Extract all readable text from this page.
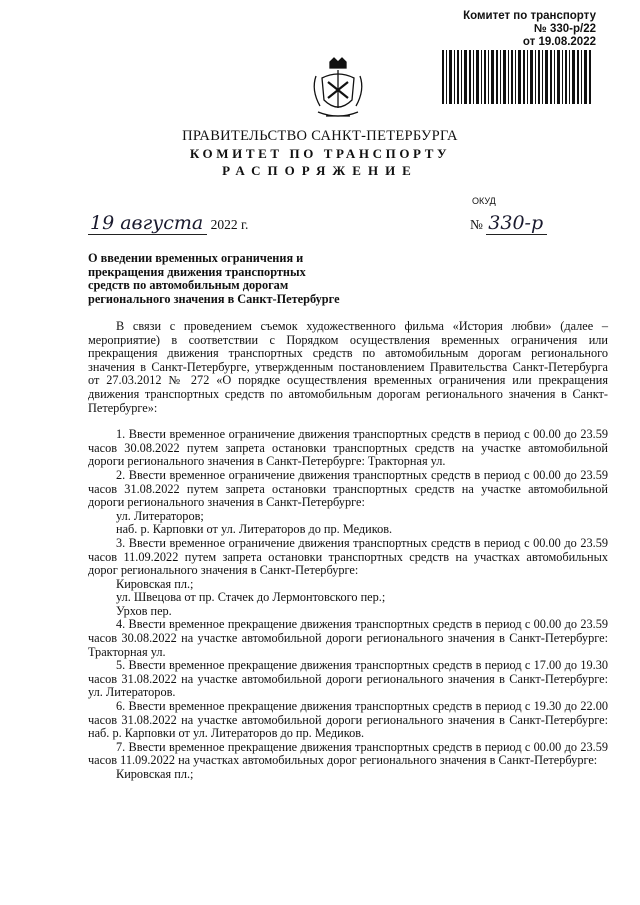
Комитет по транспорту
№ 330-р/22
от 19.08.2022
ПРАВИТЕЛЬСТВО САНКТ-ПЕТЕРБУРГА
КОМИТЕТ ПО ТРАНСПОРТУ
РАСПОРЯЖЕНИЕ
ОКУД
19 августа 2022 г.	№ 330-р
О введении временных ограничения и прекращения движения транспортных средств по автомобильным дорогам регионального значения в Санкт-Петербурге

В связи с проведением съемок художественного фильма «История любви» (далее – мероприятие) в соответствии с Порядком осуществления временных ограничения или прекращения движения транспортных средств по автомобильным дорогам регионального значения в Санкт-Петербурге, утвержденным постановлением Правительства Санкт-Петербурга от 27.03.2012 № 272 «О порядке осуществления временных ограничения или прекращения движения транспортных средств по автомобильным дорогам регионального значения в Санкт-Петербурге»:

1. Ввести временное ограничение движения транспортных средств в период с 00.00 до 23.59 часов 30.08.2022 путем запрета остановки транспортных средств на участке автомобильной дороги регионального значения в Санкт-Петербурге: Тракторная ул.

2. Ввести временное ограничение движения транспортных средств в период с 00.00 до 23.59 часов 31.08.2022 путем запрета остановки транспортных средств на участке автомобильной дороги регионального значения в Санкт-Петербурге:

ул. Литераторов;

наб. р. Карповки от ул. Литераторов до пр. Медиков.

3. Ввести временное ограничение движения транспортных средств в период с 00.00 до 23.59 часов 11.09.2022 путем запрета остановки транспортных средств на участках автомобильных дорог регионального значения в Санкт-Петербурге:

Кировская пл.;

ул. Швецова от пр. Стачек до Лермонтовского пер.;

Урхов пер.

4. Ввести временное прекращение движения транспортных средств в период с 00.00 до 23.59 часов 30.08.2022 на участке автомобильной дороги регионального значения в Санкт-Петербурге: Тракторная ул.

5. Ввести временное прекращение движения транспортных средств в период с 17.00 до 19.30 часов 31.08.2022 на участке автомобильной дороги регионального значения в Санкт-Петербурге: ул. Литераторов.

6. Ввести временное прекращение движения транспортных средств в период с 19.30 до 22.00 часов 31.08.2022 на участке автомобильной дороги регионального значения в Санкт-Петербурге: наб. р. Карповки от ул. Литераторов до пр. Медиков.

7. Ввести временное прекращение движения транспортных средств в период с 00.00 до 23.59 часов 11.09.2022 на участках автомобильных дорог регионального значения в Санкт-Петербурге:

Кировская пл.;
